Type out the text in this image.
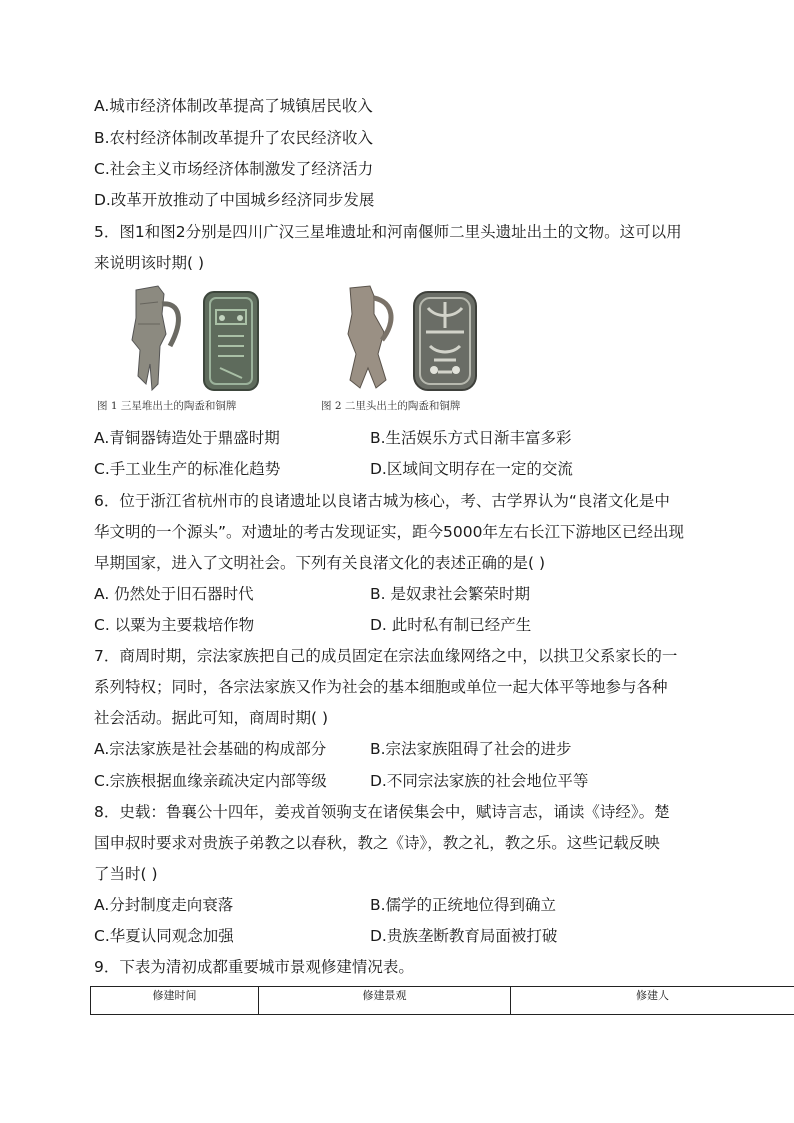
A.城市经济体制改革提高了城镇居民收入
B.农村经济体制改革提升了农民经济收入
C.社会主义市场经济体制激发了经济活力
D.改革开放推动了中国城乡经济同步发展
5．图1和图2分别是四川广汉三星堆遗址和河南偃师二里头遗址出土的文物。这可以用
来说明该时期( )
图 1 三星堆出土的陶盉和铜牌	图 2 二里头出土的陶盉和铜牌
A.青铜器铸造处于鼎盛时期	B.生活娱乐方式日渐丰富多彩
C.手工业生产的标准化趋势	D.区域间文明存在一定的交流
6．位于浙江省杭州市的良诸遗址以良诸古城为核心，考、古学界认为“良渚文化是中
华文明的一个源头”。对遗址的考古发现证实，距今5000年左右长江下游地区已经出现
早期国家，进入了文明社会。下列有关良渚文化的表述正确的是( )
A. 仍然处于旧石器时代	B. 是奴隶社会繁荣时期
C. 以粟为主要栽培作物	D. 此时私有制已经产生
7．商周时期，宗法家族把自己的成员固定在宗法血缘网络之中，以拱卫父系家长的一
系列特权；同时，各宗法家族又作为社会的基本细胞或单位一起大体平等地参与各种
社会活动。据此可知，商周时期( )
A.宗法家族是社会基础的构成部分	B.宗法家族阻碍了社会的进步
C.宗族根据血缘亲疏决定内部等级	D.不同宗法家族的社会地位平等
8．史载：鲁襄公十四年，姜戎首领驹支在诸侯集会中，赋诗言志，诵读《诗经》。楚
国申叔时要求对贵族子弟教之以春秋，教之《诗》，教之礼，教之乐。这些记载反映
了当时( )
A.分封制度走向衰落	B.儒学的正统地位得到确立
C.华夏认同观念加强	D.贵族垄断教育局面被打破
9．下表为清初成都重要城市景观修建情况表。
修建时间	修建景观	修建人
